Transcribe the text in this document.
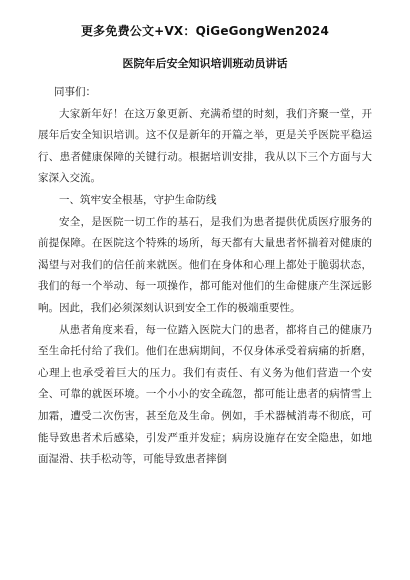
更多免费公文+VX：QiGeGongWen2024
医院年后安全知识培训班动员讲话

同事们：

大家新年好！在这万象更新、充满希望的时刻，我们齐聚一堂，开展年后安全知识培训。这不仅是新年的开篇之举，更是关乎医院平稳运行、患者健康保障的关键行动。根据培训安排，我从以下三个方面与大家深入交流。

一、筑牢安全根基，守护生命防线

安全，是医院一切工作的基石，是我们为患者提供优质医疗服务的前提保障。在医院这个特殊的场所，每天都有大量患者怀揣着对健康的渴望与对我们的信任前来就医。他们在身体和心理上都处于脆弱状态，我们的每一个举动、每一项操作，都可能对他们的生命健康产生深远影响。因此，我们必须深刻认识到安全工作的极端重要性。

从患者角度来看，每一位踏入医院大门的患者，都将自己的健康乃至生命托付给了我们。他们在患病期间，不仅身体承受着病痛的折磨，心理上也承受着巨大的压力。我们有责任、有义务为他们营造一个安全、可靠的就医环境。一个小小的安全疏忽，都可能让患者的病情雪上加霜，遭受二次伤害，甚至危及生命。例如，手术器械消毒不彻底，可能导致患者术后感染，引发严重并发症；病房设施存在安全隐患，如地面湿滑、扶手松动等，可能导致患者摔倒
